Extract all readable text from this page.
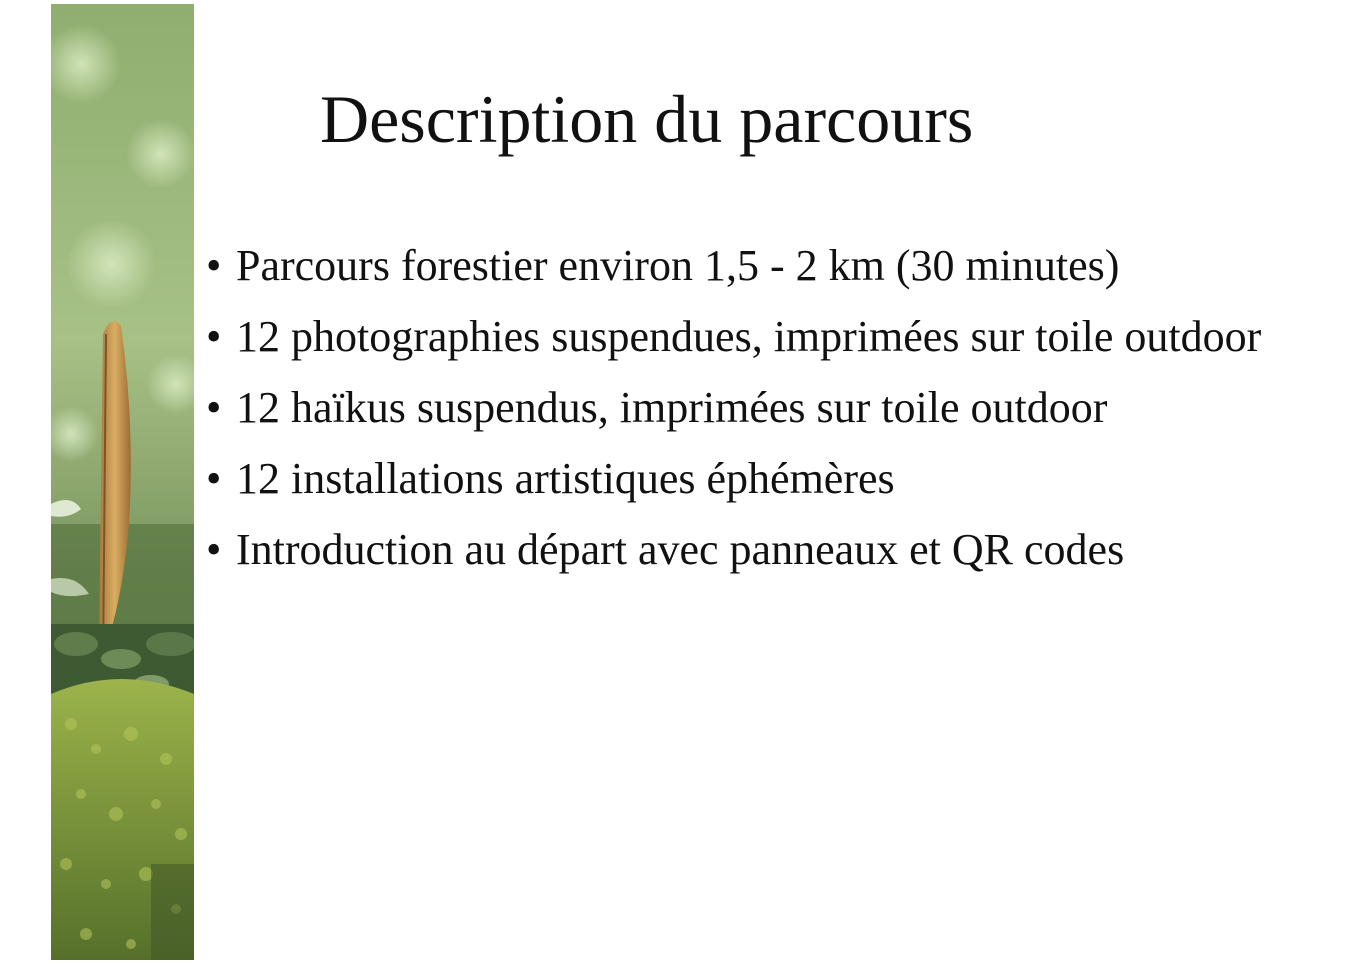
Description du parcours
• Parcours forestier environ 1,5 - 2 km (30 minutes)
• 12 photographies suspendues, imprimées sur toile outdoor
• 12 haïkus suspendus, imprimées sur toile outdoor
• 12 installations artistiques éphémères
• Introduction au départ avec panneaux et QR codes
